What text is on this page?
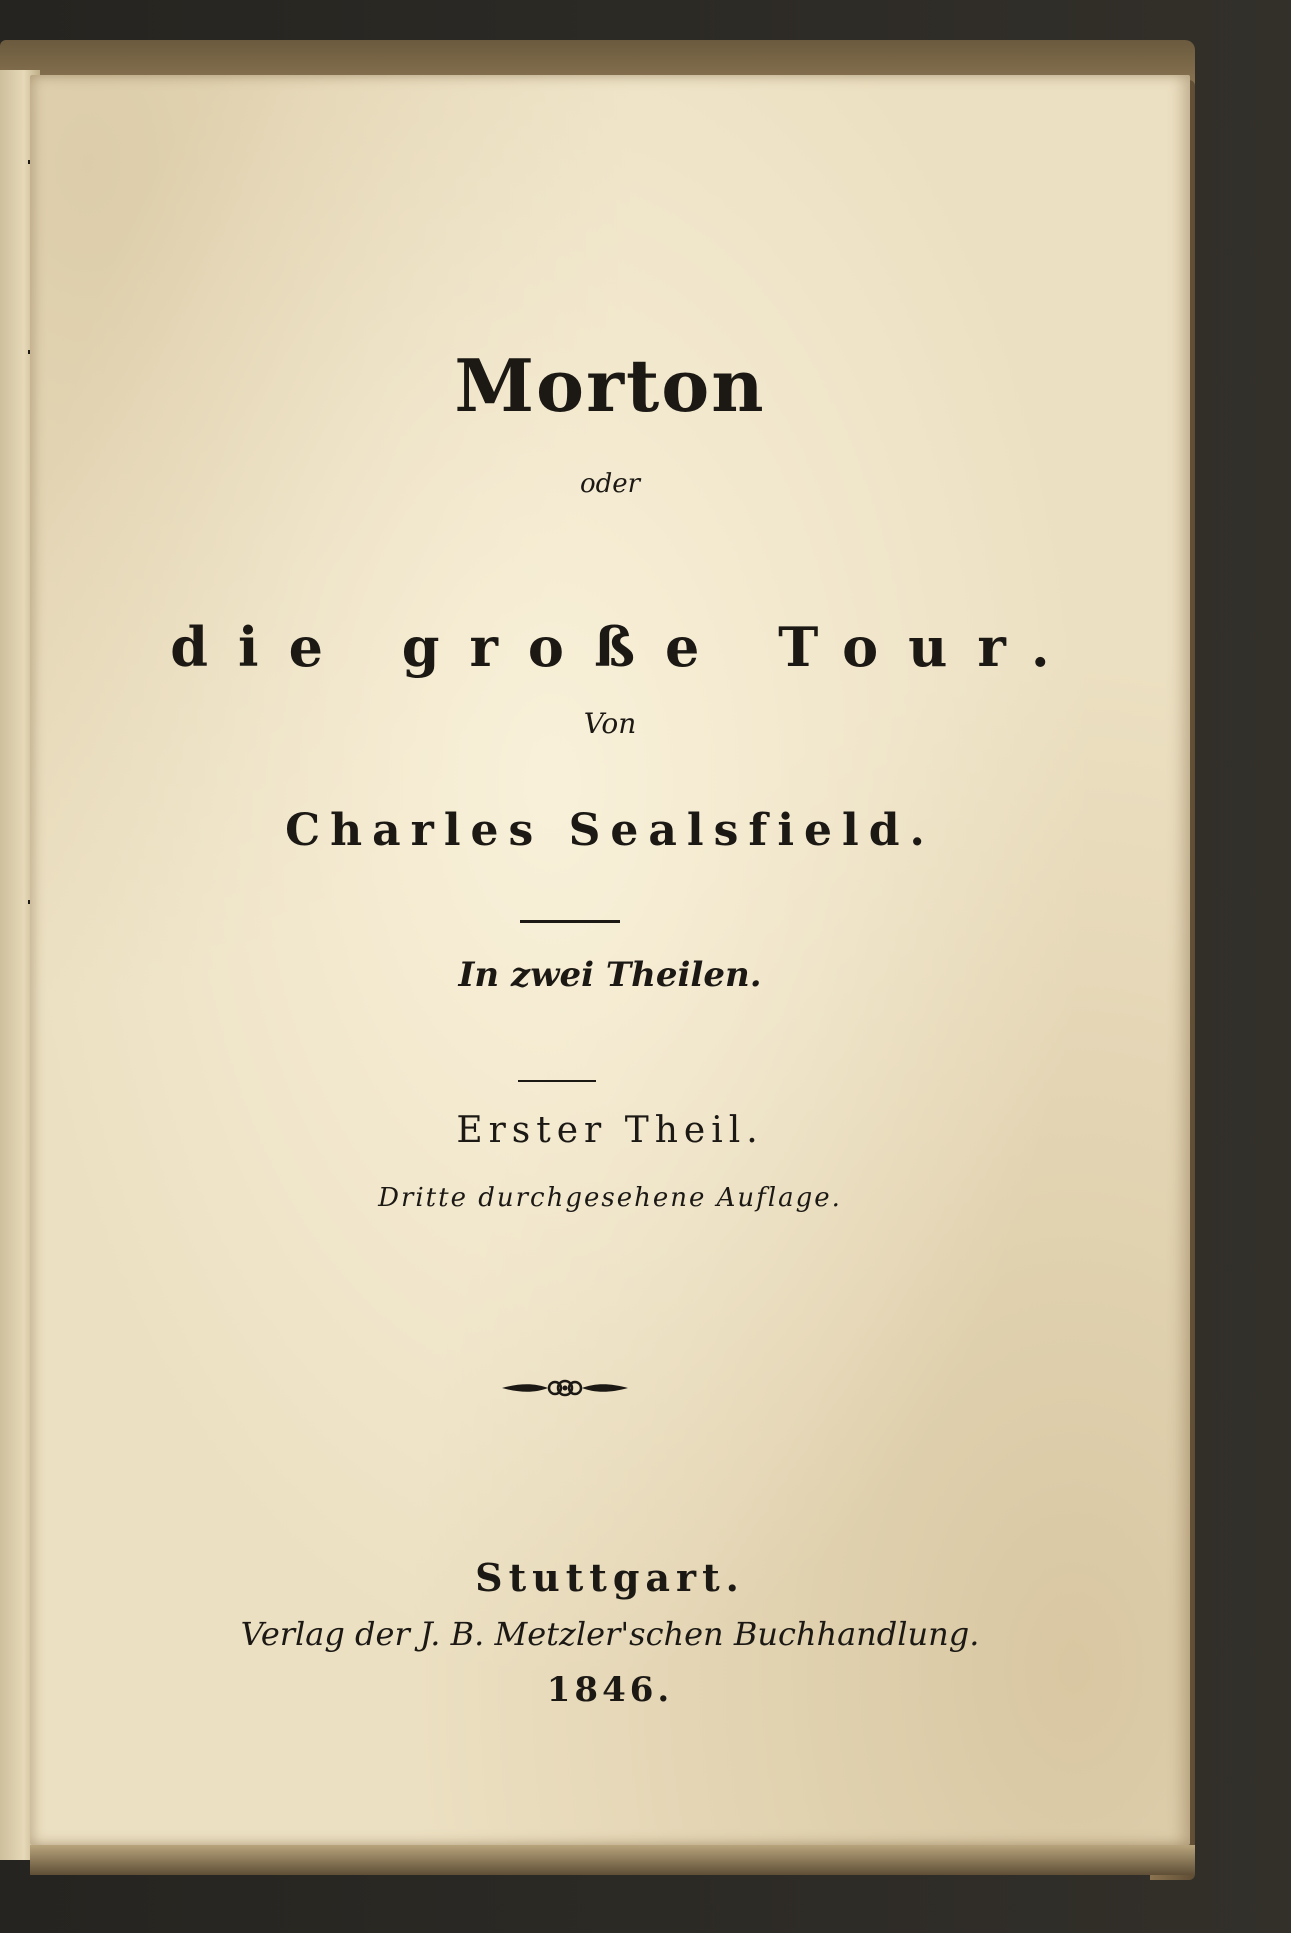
Morton
oder
die große Tour.
Von
Charles Sealsfield.
In zwei Theilen.
Erster Theil.
Dritte durchgesehene Auflage.
Stuttgart.
Verlag der J. B. Metzler'schen Buchhandlung.
1846.
